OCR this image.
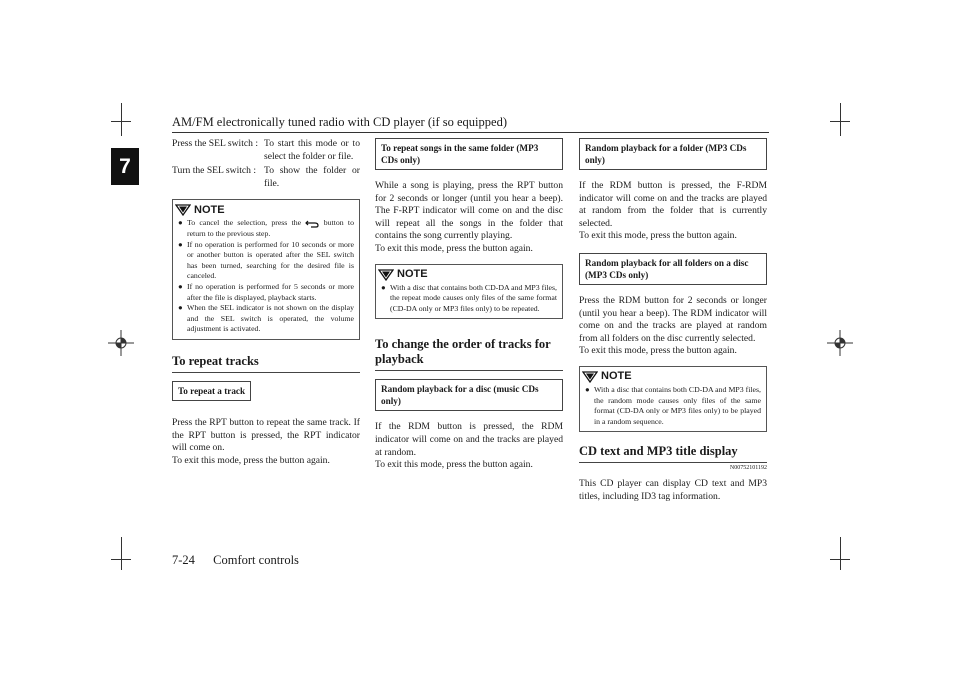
AM/FM electronically tuned radio with CD player (if so equipped)
7
7-24 Comfort controls
Press the SEL switch : To start this mode or to select the folder or file.
Turn the SEL switch : To show the folder or file.
NOTE
● To cancel the selection, press the	button to return to the previous step.
● If no operation is performed for 10 seconds or more or another button is operated after the SEL switch has been turned, searching for the desired file is canceled.
● If no operation is performed for 5 seconds or more after the file is displayed, playback starts.
● When the SEL indicator is not shown on the display and the SEL switch is operated, the volume adjustment is activated.
To repeat tracks
To repeat a track

Press the RPT button to repeat the same track. If the RPT button is pressed, the RPT indicator will come on.
To exit this mode, press the button again.

To repeat songs in the same folder (MP3 CDs only)

While a song is playing, press the RPT button for 2 seconds or longer (until you hear a beep). The F-RPT indicator will come on and the disc will repeat all the songs in the folder that contains the song currently playing.
To exit this mode, press the button again.

NOTE
● With a disc that contains both CD-DA and MP3 files, the repeat mode causes only files of the same format (CD-DA only or MP3 files only) to be repeated.
To change the order of tracks for playback
Random playback for a disc (music CDs only)

If the RDM button is pressed, the RDM indicator will come on and the tracks are played at random.
To exit this mode, press the button again.

Random playback for a folder (MP3 CDs only)

If the RDM button is pressed, the F-RDM indicator will come on and the tracks are played at random from the folder that is currently selected.
To exit this mode, press the button again.

Random playback for all folders on a disc (MP3 CDs only)

Press the RDM button for 2 seconds or longer (until you hear a beep). The RDM indicator will come on and the tracks are played at random from all folders on the disc currently selected.
To exit this mode, press the button again.

NOTE
● With a disc that contains both CD-DA and MP3 files, the random mode causes only files of the same format (CD-DA only or MP3 files only) to be played in a random sequence.
CD text and MP3 title display
N00752101192

This CD player can display CD text and MP3 titles, including ID3 tag information.
